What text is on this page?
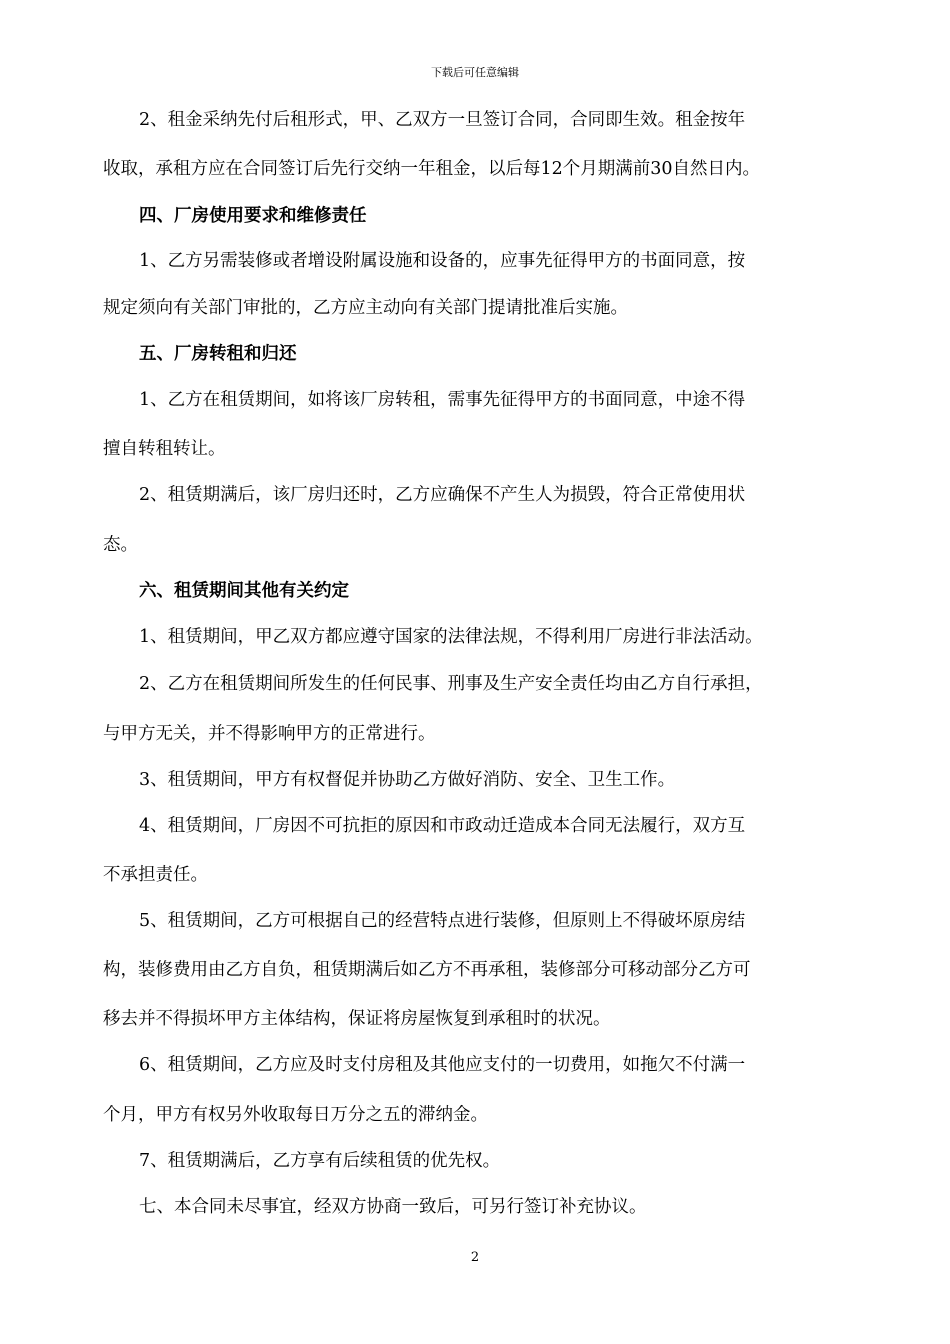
下载后可任意编辑
2、租金采纳先付后租形式，甲、乙双方一旦签订合同，合同即生效。租金按年
收取，承租方应在合同签订后先行交纳一年租金，以后每12个月期满前30自然日内。
四、厂房使用要求和维修责任
1、乙方另需装修或者增设附属设施和设备的，应事先征得甲方的书面同意，按
规定须向有关部门审批的，乙方应主动向有关部门提请批准后实施。
五、厂房转租和归还
1、乙方在租赁期间，如将该厂房转租，需事先征得甲方的书面同意，中途不得
擅自转租转让。
2、租赁期满后，该厂房归还时，乙方应确保不产生人为损毁，符合正常使用状
态。
六、租赁期间其他有关约定
1、租赁期间，甲乙双方都应遵守国家的法律法规，不得利用厂房进行非法活动。
2、乙方在租赁期间所发生的任何民事、刑事及生产安全责任均由乙方自行承担，
与甲方无关，并不得影响甲方的正常进行。
3、租赁期间，甲方有权督促并协助乙方做好消防、安全、卫生工作。
4、租赁期间，厂房因不可抗拒的原因和市政动迁造成本合同无法履行，双方互
不承担责任。
5、租赁期间，乙方可根据自己的经营特点进行装修，但原则上不得破坏原房结
构，装修费用由乙方自负，租赁期满后如乙方不再承租，装修部分可移动部分乙方可
移去并不得损坏甲方主体结构，保证将房屋恢复到承租时的状况。
6、租赁期间，乙方应及时支付房租及其他应支付的一切费用，如拖欠不付满一
个月，甲方有权另外收取每日万分之五的滞纳金。
7、租赁期满后，乙方享有后续租赁的优先权。
七、本合同未尽事宜，经双方协商一致后，可另行签订补充协议。
2
